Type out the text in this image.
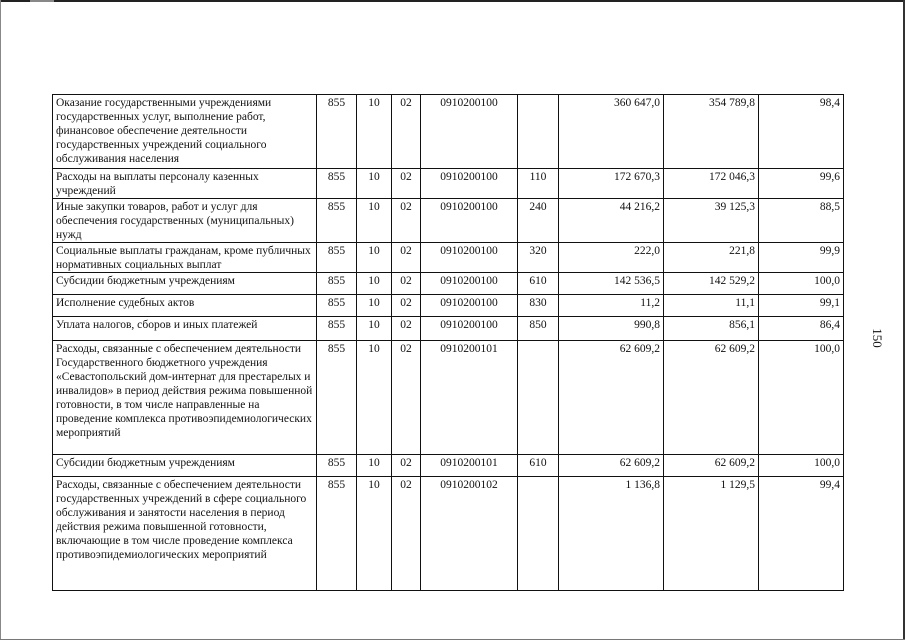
Оказание государственными учреждениями государственных услуг, выполнение работ, финансовое обеспечение деятельности государственных учреждений социального обслуживания населения	855	10	02	0910200100		360 647,0	354 789,8	98,4
Расходы на выплаты персоналу казенных учреждений	855	10	02	0910200100	110	172 670,3	172 046,3	99,6
Иные закупки товаров, работ и услуг для обеспечения государственных (муниципальных) нужд	855	10	02	0910200100	240	44 216,2	39 125,3	88,5
Социальные выплаты гражданам, кроме публичных нормативных социальных выплат	855	10	02	0910200100	320	222,0	221,8	99,9
Субсидии бюджетным учреждениям	855	10	02	0910200100	610	142 536,5	142 529,2	100,0
Исполнение судебных актов	855	10	02	0910200100	830	11,2	11,1	99,1
Уплата налогов, сборов и иных платежей	855	10	02	0910200100	850	990,8	856,1	86,4
Расходы, связанные с обеспечением деятельности Государственного бюджетного учреждения «Севастопольский дом-интернат для престарелых и инвалидов» в период действия режима повышенной готовности, в том числе направленные на проведение комплекса противоэпидемиологических мероприятий	855	10	02	0910200101		62 609,2	62 609,2	100,0
Субсидии бюджетным учреждениям	855	10	02	0910200101	610	62 609,2	62 609,2	100,0
Расходы, связанные с обеспечением деятельности государственных учреждений в сфере социального обслуживания и занятости населения в период действия режима повышенной готовности, включающие в том числе проведение комплекса противоэпидемиологических мероприятий	855	10	02	0910200102		1 136,8	1 129,5	99,4
150
